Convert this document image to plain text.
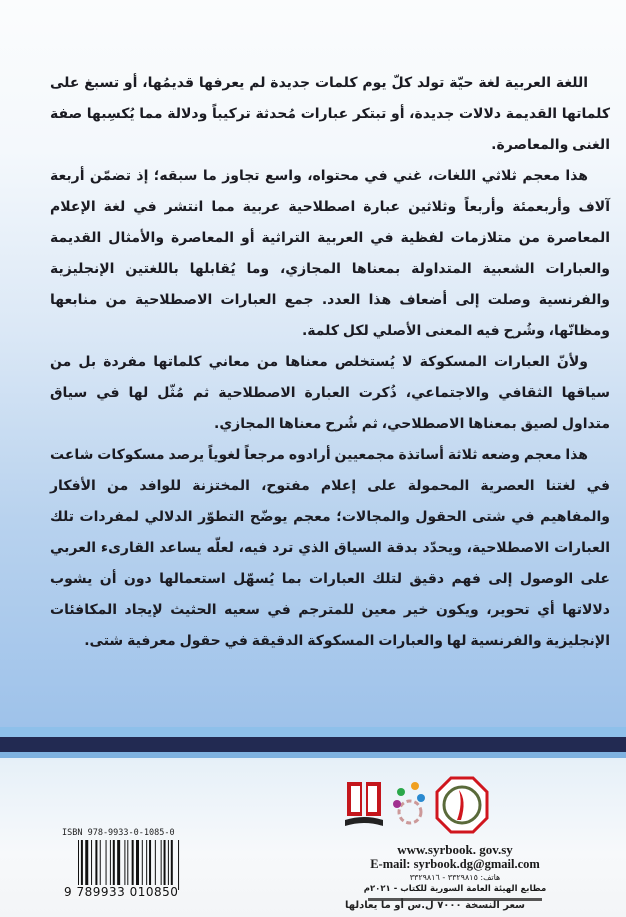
اللغة العربية لغة حيّة تولد كلّ يوم كلمات جديدة لم يعرفها قديمُها، أو تسبغ على كلماتها القديمة دلالات جديدة، أو تبتكر عبارات مُحدثة تركيباً ودلالة مما يُكسِبها صفة الغنى والمعاصرة.

هذا معجم ثلاثي اللغات، غني في محتواه، واسع تجاوز ما سبقه؛ إذ تضمّن أربعة آلاف وأربعمئة وأربعاً وثلاثين عبارة اصطلاحية عربية مما انتشر في لغة الإعلام المعاصرة من متلازمات لفظية في العربية التراثية أو المعاصرة والأمثال القديمة والعبارات الشعبية المتداولة بمعناها المجازي، وما يُقابلها باللغتين الإنجليزية والفرنسية وصلت إلى أضعاف هذا العدد. جمع العبارات الاصطلاحية من منابعها ومظانّها، وشُرح فيه المعنى الأصلي لكل كلمة.

ولأنّ العبارات المسكوكة لا يُستخلص معناها من معاني كلماتها مفردة بل من سياقها الثقافي والاجتماعي، ذُكرت العبارة الاصطلاحية ثم مُثّل لها في سياق متداول لصيق بمعناها الاصطلاحي، ثم شُرح معناها المجازي.

هذا معجم وضعه ثلاثة أساتذة مجمعيين أرادوه مرجعاً لغوياً يرصد مسكوكات شاعت في لغتنا العصرية المحمولة على إعلام مفتوح، المختزنة للوافد من الأفكار والمفاهيم في شتى الحقول والمجالات؛ معجم يوضّح التطوّر الدلالي لمفردات تلك العبارات الاصطلاحية، ويحدّد بدقة السياق الذي ترد فيه، لعلّه يساعد القارىء العربي على الوصول إلى فهم دقيق لتلك العبارات بما يُسهّل استعمالها دون أن يشوب دلالاتها أي تحوير، ويكون خير معين للمترجم في سعيه الحثيث لإيجاد المكافئات الإنجليزية والفرنسية لها والعبارات المسكوكة الدقيقة في حقول معرفية شتى.

www.syrbook. gov.sy
E-mail: syrbook.dg@gmail.com
هاتف: ٣٣٢٩٨١٥ - ٣٣٢٩٨١٦
مطابع الهيئة العامة السورية للكتاب - ٢٠٢١م
سعر النسخة ٧٠٠٠ ل.س أو ما يعادلها
ISBN 978-9933-0-1085-0
9 789933 010850
